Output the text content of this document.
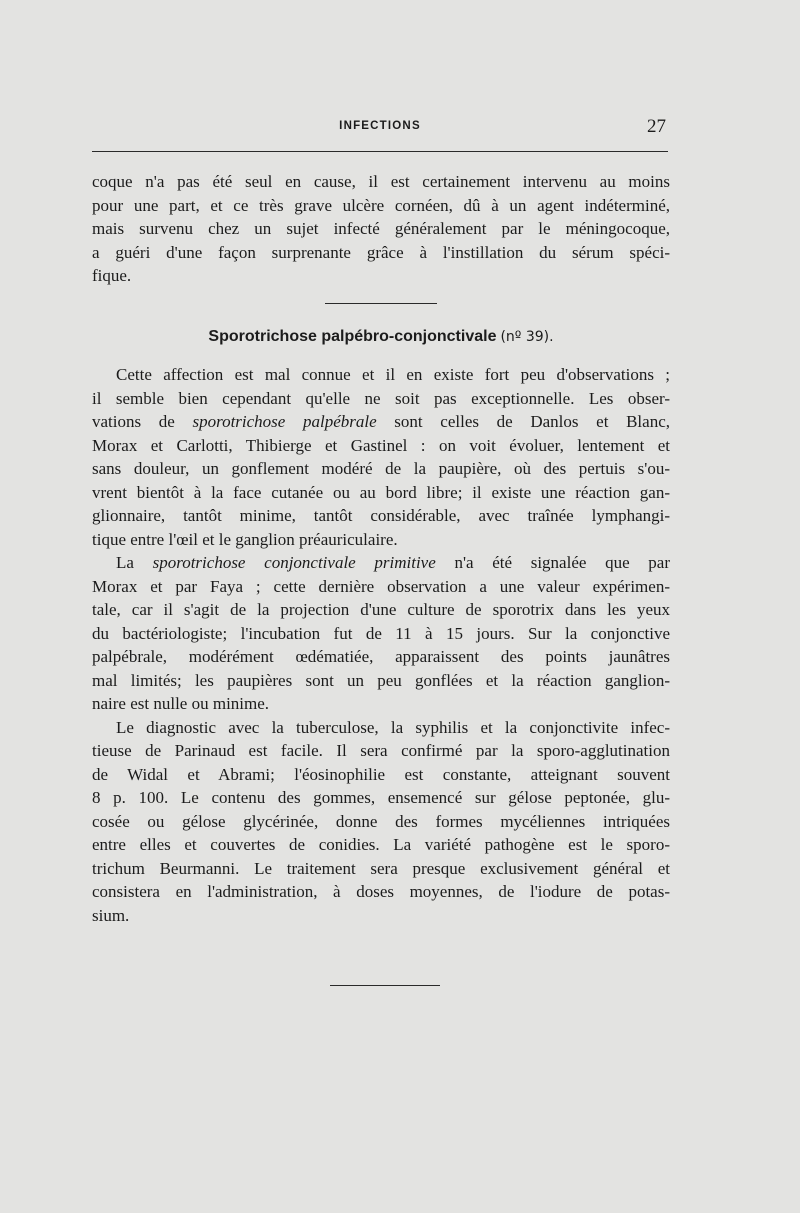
INFECTIONS	27

coque n'a pas été seul en cause, il est certainement intervenu au moins
pour une part, et ce très grave ulcère cornéen, dû à un agent indéterminé,
mais survenu chez un sujet infecté généralement par le méningocoque,
a guéri d'une façon surprenante grâce à l'instillation du sérum spéci-
fique.

Sporotrichose palpébro-conjonctivale (nº 39).

Cette affection est mal connue et il en existe fort peu d'observations ;
il semble bien cependant qu'elle ne soit pas exceptionnelle. Les obser-
vations de sporotrichose palpébrale sont celles de Danlos et Blanc,
Morax et Carlotti, Thibierge et Gastinel : on voit évoluer, lentement et
sans douleur, un gonflement modéré de la paupière, où des pertuis s'ou-
vrent bientôt à la face cutanée ou au bord libre; il existe une réaction gan-
glionnaire, tantôt minime, tantôt considérable, avec traînée lymphangi-
tique entre l'œil et le ganglion préauriculaire.

La sporotrichose conjonctivale primitive n'a été signalée que par
Morax et par Faya ; cette dernière observation a une valeur expérimen-
tale, car il s'agit de la projection d'une culture de sporotrix dans les yeux
du bactériologiste; l'incubation fut de 11 à 15 jours. Sur la conjonctive
palpébrale, modérément œdématiée, apparaissent des points jaunâtres
mal limités; les paupières sont un peu gonflées et la réaction ganglion-
naire est nulle ou minime.

Le diagnostic avec la tuberculose, la syphilis et la conjonctivite infec-
tieuse de Parinaud est facile. Il sera confirmé par la sporo-agglutination
de Widal et Abrami; l'éosinophilie est constante, atteignant souvent
8 p. 100. Le contenu des gommes, ensemencé sur gélose peptonée, glu-
cosée ou gélose glycérinée, donne des formes mycéliennes intriquées
entre elles et couvertes de conidies. La variété pathogène est le sporo-
trichum Beurmanni. Le traitement sera presque exclusivement général et
consistera en l'administration, à doses moyennes, de l'iodure de potas-
sium.
